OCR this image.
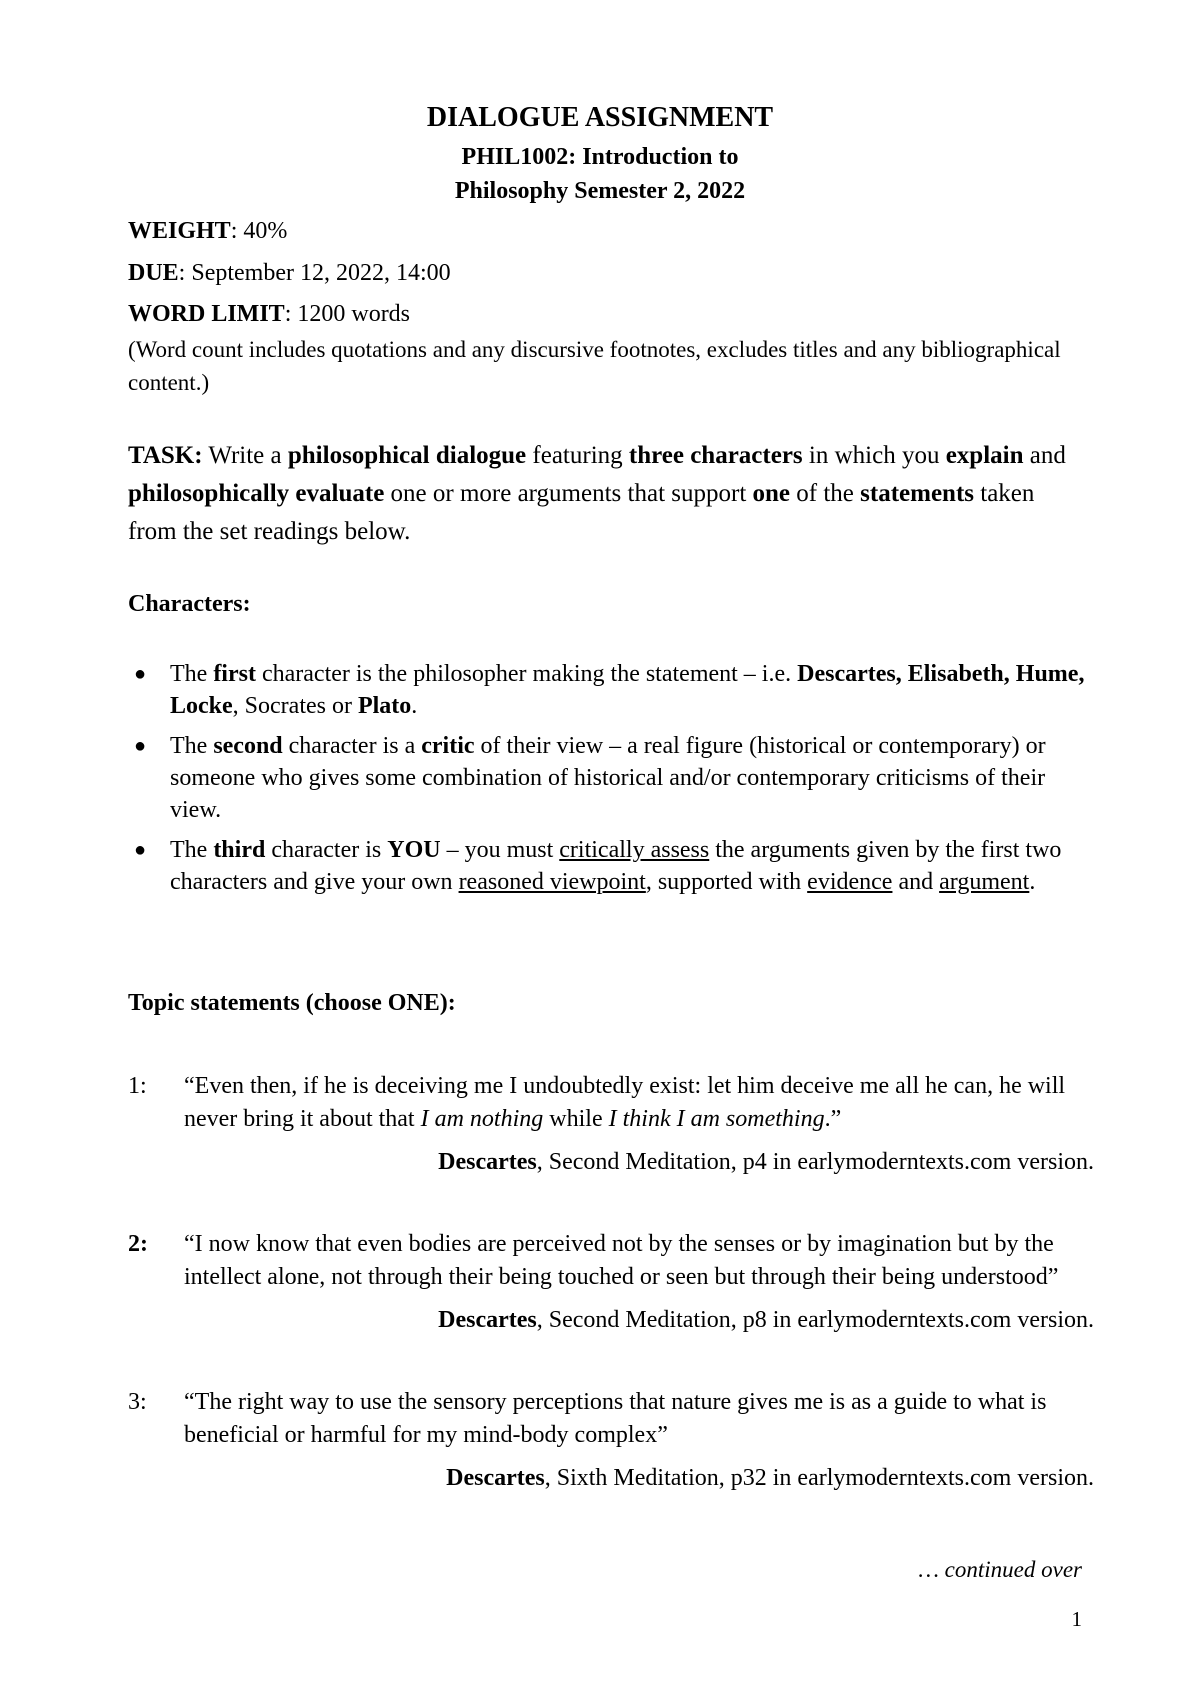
DIALOGUE ASSIGNMENT
PHIL1002: Introduction to
Philosophy Semester 2, 2022
WEIGHT: 40%
DUE: September 12, 2022, 14:00
WORD LIMIT: 1200 words
(Word count includes quotations and any discursive footnotes, excludes titles and any bibliographical content.)
TASK: Write a philosophical dialogue featuring three characters in which you explain and philosophically evaluate one or more arguments that support one of the statements taken from the set readings below.
Characters:
● The first character is the philosopher making the statement – i.e. Descartes, Elisabeth, Hume, Locke, Socrates or Plato.
● The second character is a critic of their view – a real figure (historical or contemporary) or someone who gives some combination of historical and/or contemporary criticisms of their view.
● The third character is YOU – you must critically assess the arguments given by the first two characters and give your own reasoned viewpoint, supported with evidence and argument.
Topic statements (choose ONE):
1: “Even then, if he is deceiving me I undoubtedly exist: let him deceive me all he can, he will never bring it about that I am nothing while I think I am something.”
Descartes, Second Meditation, p4 in earlymoderntexts.com version.
2: “I now know that even bodies are perceived not by the senses or by imagination but by the intellect alone, not through their being touched or seen but through their being understood”
Descartes, Second Meditation, p8 in earlymoderntexts.com version.
3: “The right way to use the sensory perceptions that nature gives me is as a guide to what is beneficial or harmful for my mind-body complex”
Descartes, Sixth Meditation, p32 in earlymoderntexts.com version.
… continued over
1
